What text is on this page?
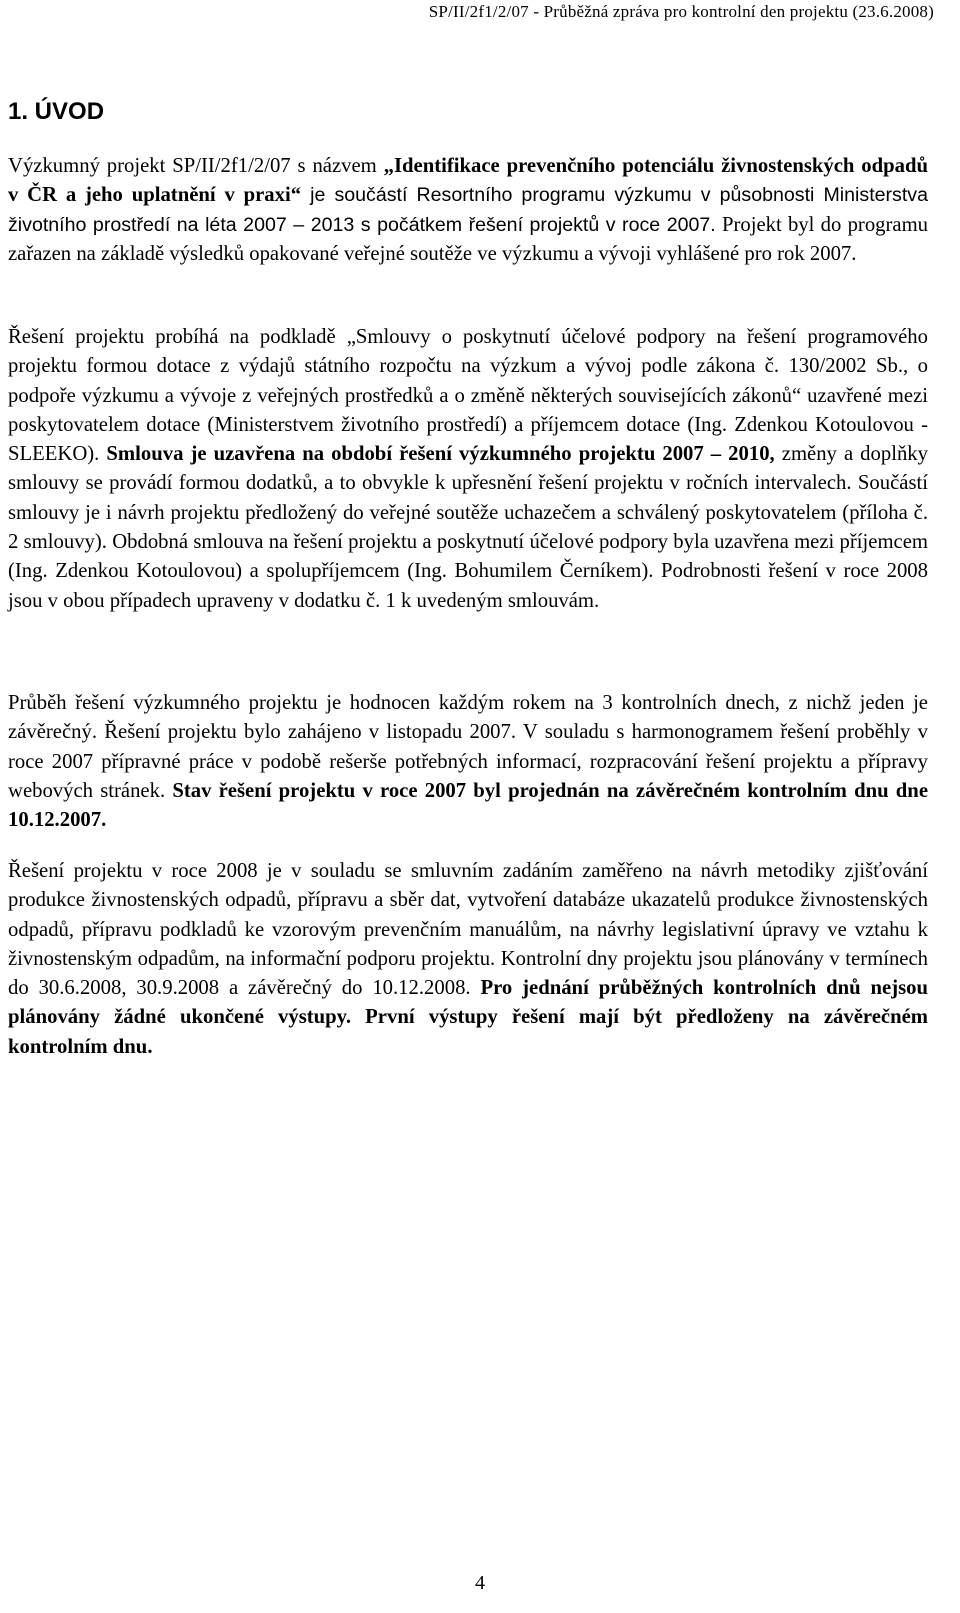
SP/II/2f1/2/07 - Průběžná zpráva pro kontrolní den projektu (23.6.2008)
1. ÚVOD

Výzkumný projekt SP/II/2f1/2/07 s názvem „Identifikace prevenčního potenciálu živnostenských odpadů v ČR a jeho uplatnění v praxi“ je součástí Resortního programu výzkumu v působnosti Ministerstva životního prostředí na léta 2007 – 2013 s počátkem řešení projektů v roce 2007. Projekt byl do programu zařazen na základě výsledků opakované veřejné soutěže ve výzkumu a vývoji vyhlášené pro rok 2007.

Řešení projektu probíhá na podkladě „Smlouvy o poskytnutí účelové podpory na řešení programového projektu formou dotace z výdajů státního rozpočtu na výzkum a vývoj podle zákona č. 130/2002 Sb., o podpoře výzkumu a vývoje z veřejných prostředků a o změně některých souvisejících zákonů“ uzavřené mezi poskytovatelem dotace (Ministerstvem životního prostředí) a příjemcem dotace (Ing. Zdenkou Kotoulovou - SLEEKO). Smlouva je uzavřena na období řešení výzkumného projektu 2007 – 2010, změny a doplňky smlouvy se provádí formou dodatků, a to obvykle k upřesnění řešení projektu v ročních intervalech. Součástí smlouvy je i návrh projektu předložený do veřejné soutěže uchazečem a schválený poskytovatelem (příloha č. 2 smlouvy). Obdobná smlouva na řešení projektu a poskytnutí účelové podpory byla uzavřena mezi příjemcem (Ing. Zdenkou Kotoulovou) a spolupříjemcem (Ing. Bohumilem Černíkem). Podrobnosti řešení v roce 2008 jsou v obou případech upraveny v dodatku č. 1 k uvedeným smlouvám.

Průběh řešení výzkumného projektu je hodnocen každým rokem na 3 kontrolních dnech, z nichž jeden je závěrečný. Řešení projektu bylo zahájeno v listopadu 2007. V souladu s harmonogramem řešení proběhly v roce 2007 přípravné práce v podobě rešerše potřebných informací, rozpracování řešení projektu a přípravy webových stránek. Stav řešení projektu v roce 2007 byl projednán na závěrečném kontrolním dnu dne 10.12.2007.

Řešení projektu v roce 2008 je v souladu se smluvním zadáním zaměřeno na návrh metodiky zjišťování produkce živnostenských odpadů, přípravu a sběr dat, vytvoření databáze ukazatelů produkce živnostenských odpadů, přípravu podkladů ke vzorovým prevenčním manuálům, na návrhy legislativní úpravy ve vztahu k živnostenským odpadům, na informační podporu projektu. Kontrolní dny projektu jsou plánovány v termínech do 30.6.2008, 30.9.2008 a závěrečný do 10.12.2008. Pro jednání průběžných kontrolních dnů nejsou plánovány žádné ukončené výstupy. První výstupy řešení mají být předloženy na závěrečném kontrolním dnu.

4
